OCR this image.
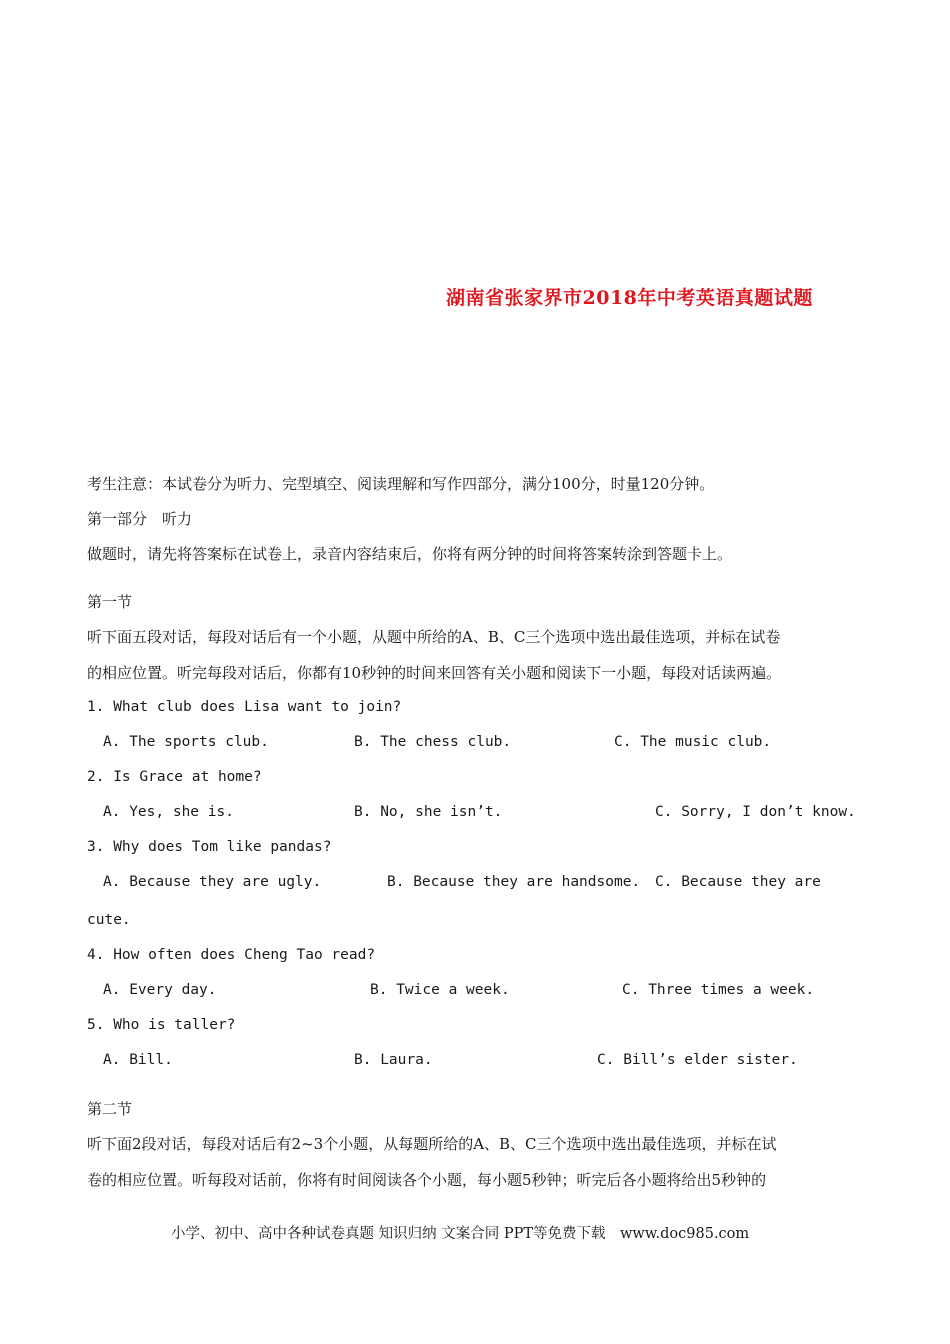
湖南省张家界市2018年中考英语真题试题
考生注意：本试卷分为听力、完型填空、阅读理解和写作四部分，满分100分，时量120分钟。
第一部分　听力
做题时，请先将答案标在试卷上，录音内容结束后，你将有两分钟的时间将答案转涂到答题卡上。
第一节
听下面五段对话，每段对话后有一个小题，从题中所给的A、B、C三个选项中选出最佳选项，并标在试卷
的相应位置。听完每段对话后，你都有10秒钟的时间来回答有关小题和阅读下一小题，每段对话读两遍。
1. What club does Lisa want to join?
A. The sports club.	B. The chess club.	C. The music club.
2. Is Grace at home?
A. Yes, she is.	B. No, she isn’t.	C. Sorry, I don’t know.
3. Why does Tom like pandas?
A. Because they are ugly.	B. Because they are handsome. C. Because they are
cute.
4. How often does Cheng Tao read?
A. Every day.	B. Twice a week.	C. Three times a week.
5. Who is taller?
A. Bill.	B. Laura.	C. Bill’s elder sister.
第二节
听下面2段对话，每段对话后有2~3个小题，从每题所给的A、B、C三个选项中选出最佳选项，并标在试
卷的相应位置。听每段对话前，你将有时间阅读各个小题，每小题5秒钟；听完后各小题将给出5秒钟的
小学、初中、高中各种试卷真题 知识归纳 文案合同 PPT等免费下载　www.doc985.com
